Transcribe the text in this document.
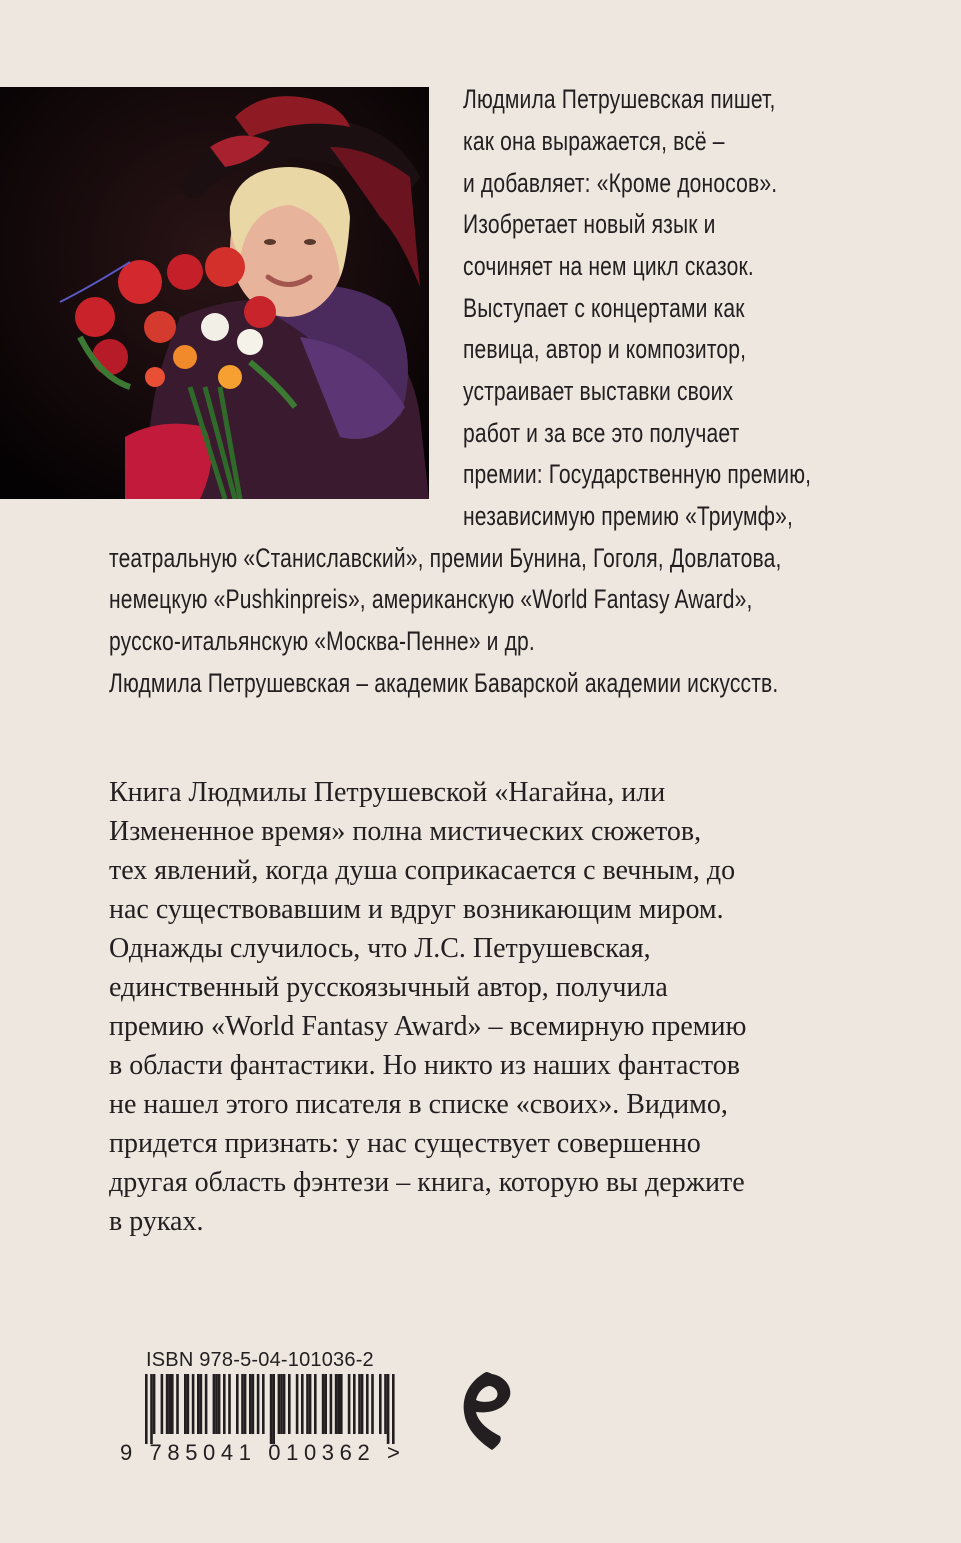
Людмила Петрушевская пишет,
как она выражается, всё –
и добавляет: «Кроме доносов».
Изобретает новый язык и
сочиняет на нем цикл сказок.
Выступает с концертами как
певица, автор и композитор,
устраивает выставки своих
работ и за все это получает
премии: Государственную премию,
независимую премию «Триумф»,
театральную «Станиславский», премии Бунина, Гоголя, Довлатова,
немецкую «Pushkinpreis», американскую «World Fantasy Award»,
русско-итальянскую «Москва-Пенне» и др.
Людмила Петрушевская – академик Баварской академии искусств.
Книга Людмилы Петрушевской «Нагайна, или
Измененное время» полна мистических сюжетов,
тех явлений, когда душа соприкасается с вечным, до
нас существовавшим и вдруг возникающим миром.
Однажды случилось, что Л.С. Петрушевская,
единственный русскоязычный автор, получила
премию «World Fantasy Award» – всемирную премию
в области фантастики. Но никто из наших фантастов
не нашел этого писателя в списке «своих». Видимо,
придется признать: у нас существует совершенно
другая область фэнтези – книга, которую вы держите
в руках.
ISBN 978-5-04-101036-2
9 785041 010362 >
